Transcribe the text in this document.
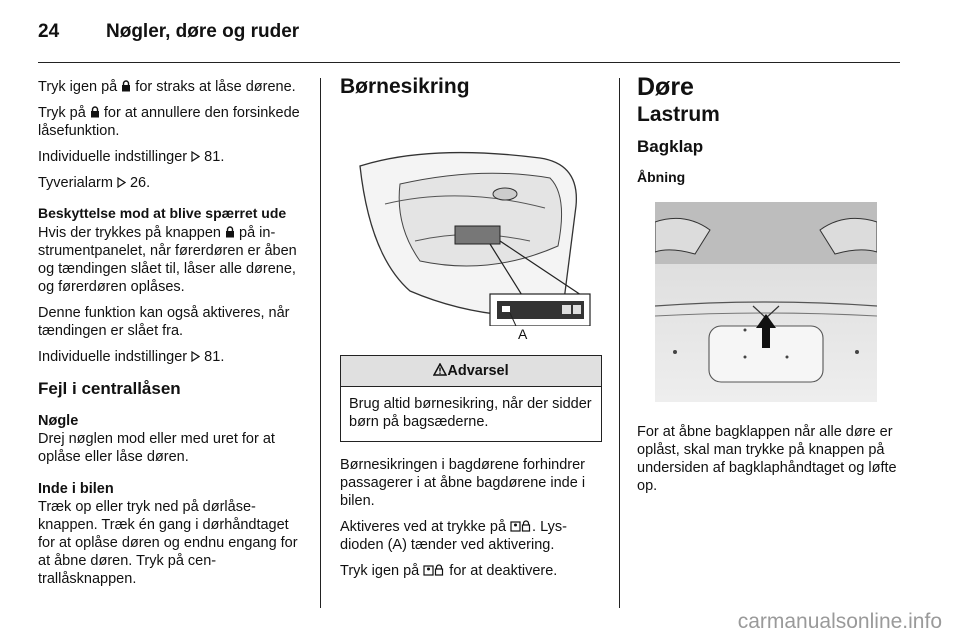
24	Nøgler, døre og ruder

Tryk igen på  for straks at låse dørene.

Tryk på  for at annullere den forsinkede låsefunktion.

Individuelle indstillinger  81.

Tyverialarm  26.

Beskyttelse mod at blive spærret ude

Hvis der trykkes på knappen  på instrumentpanelet, når førerdøren er åben og tændingen slået til, låser alle dørene, og førerdøren oplåses.

Denne funktion kan også aktiveres, når tændingen er slået fra.

Individuelle indstillinger  81.

Fejl i centrallåsen
Nøgle

Drej nøglen mod eller med uret for at oplåse eller låse døren.

Inde i bilen

Træk op eller tryk ned på dørlåseknappen. Træk én gang i dørhåndtaget for at oplåse døren og endnu engang for at åbne døren. Tryk på centrallåsknappen.

Børnesikring
A
Advarsel
Brug altid børnesikring, når der sidder børn på bagsæderne.

Børnesikringen i bagdørene forhindrer passagerer i at åbne bagdørene inde i bilen.

Aktiveres ved at trykke på . Lysdioden (A) tænder ved aktivering.

Tryk igen på  for at deaktivere.

Døre
Lastrum
Bagklap
Åbning

For at åbne bagklappen når alle døre er oplåst, skal man trykke på knappen på undersiden af bagklaphåndtaget og løfte op.

carmanualsonline.info
